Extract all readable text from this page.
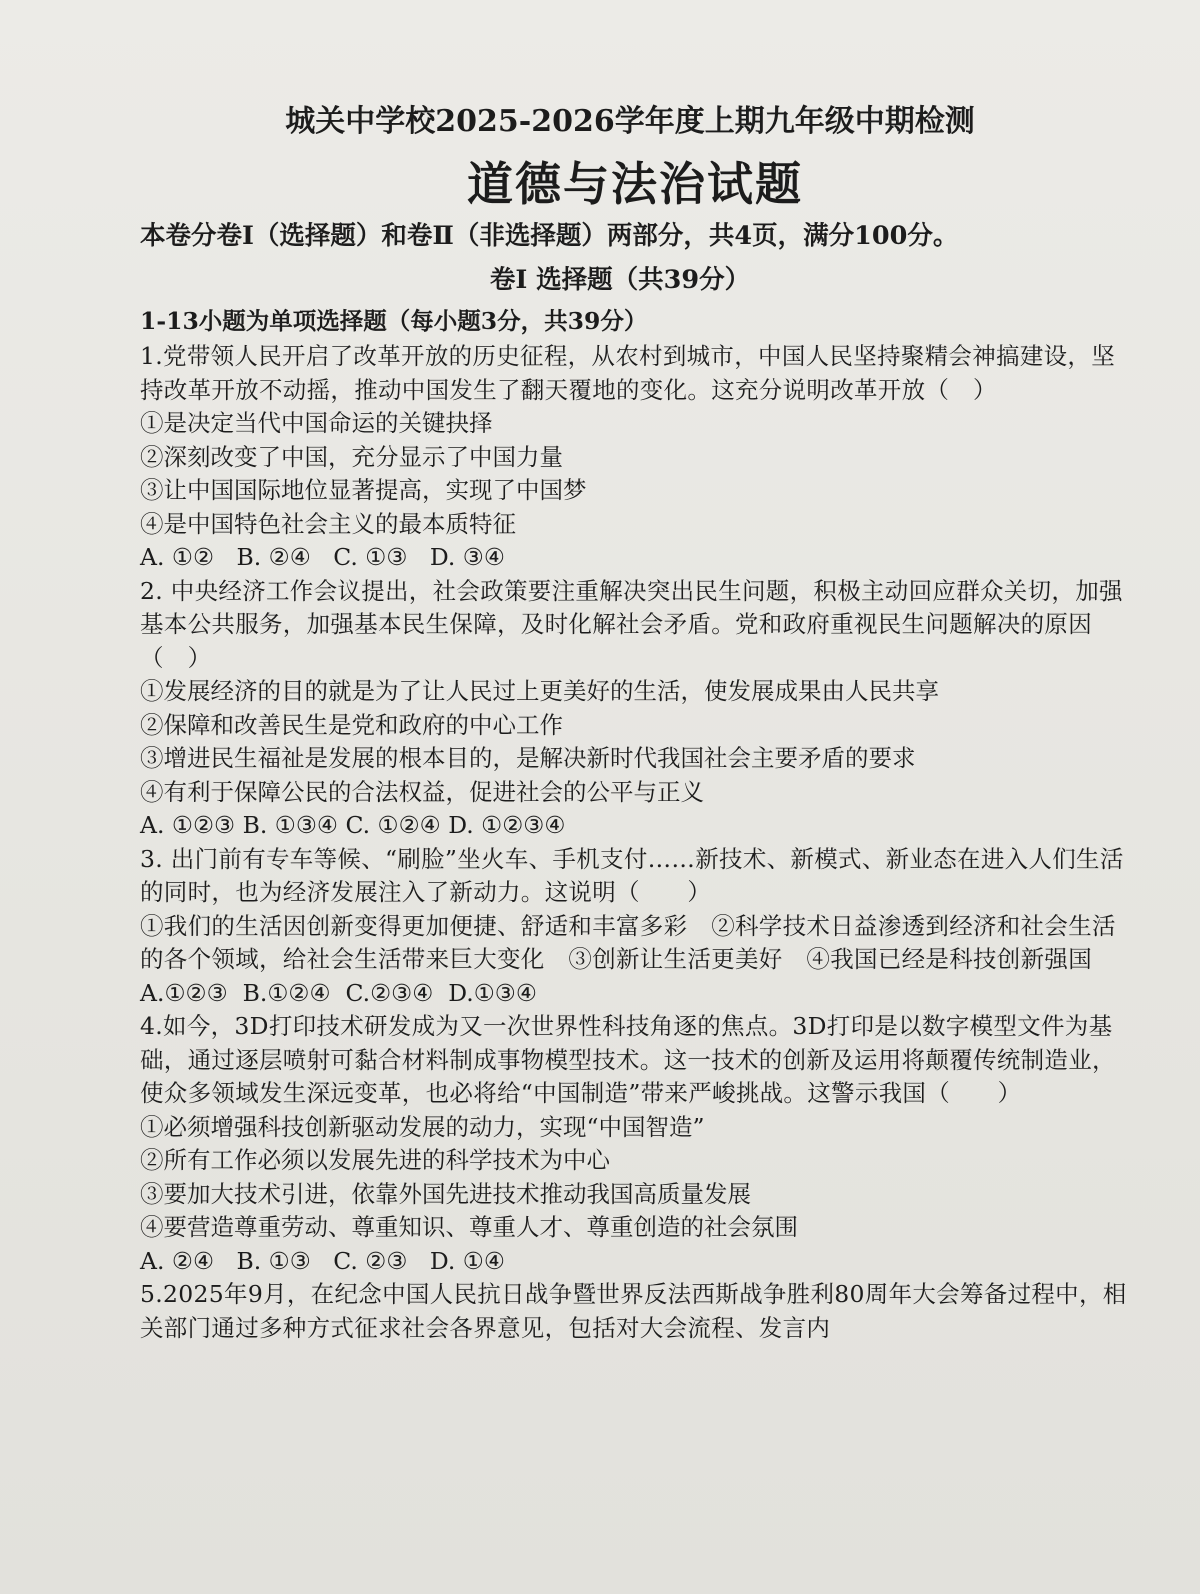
城关中学校2025-2026学年度上期九年级中期检测
道德与法治试题
本卷分卷Ⅰ（选择题）和卷Ⅱ（非选择题）两部分，共4页，满分100分。
卷Ⅰ 选择题（共39分）
1-13小题为单项选择题（每小题3分，共39分）

1.党带领人民开启了改革开放的历史征程，从农村到城市，中国人民坚持聚精会神搞建设，坚持改革开放不动摇，推动中国发生了翻天覆地的变化。这充分说明改革开放（　）

①是决定当代中国命运的关键抉择

②深刻改变了中国，充分显示了中国力量

③让中国国际地位显著提高，实现了中国梦

④是中国特色社会主义的最本质特征

A. ①②   B. ②④   C. ①③   D. ③④

2. 中央经济工作会议提出，社会政策要注重解决突出民生问题，积极主动回应群众关切，加强基本公共服务，加强基本民生保障，及时化解社会矛盾。党和政府重视民生问题解决的原因（　）

①发展经济的目的就是为了让人民过上更美好的生活，使发展成果由人民共享

②保障和改善民生是党和政府的中心工作

③增进民生福祉是发展的根本目的，是解决新时代我国社会主要矛盾的要求

④有利于保障公民的合法权益，促进社会的公平与正义

A. ①②③ B. ①③④ C. ①②④ D. ①②③④

3. 出门前有专车等候、“刷脸”坐火车、手机支付……新技术、新模式、新业态在进入人们生活的同时，也为经济发展注入了新动力。这说明（　　）

①我们的生活因创新变得更加便捷、舒适和丰富多彩　②科学技术日益渗透到经济和社会生活的各个领域，给社会生活带来巨大变化　③创新让生活更美好　④我国已经是科技创新强国

A.①②③  B.①②④  C.②③④  D.①③④

4.如今，3D打印技术研发成为又一次世界性科技角逐的焦点。3D打印是以数字模型文件为基础，通过逐层喷射可黏合材料制成事物模型技术。这一技术的创新及运用将颠覆传统制造业，使众多领域发生深远变革，也必将给“中国制造”带来严峻挑战。这警示我国（　　）

①必须增强科技创新驱动发展的动力，实现“中国智造”

②所有工作必须以发展先进的科学技术为中心

③要加大技术引进，依靠外国先进技术推动我国高质量发展

④要营造尊重劳动、尊重知识、尊重人才、尊重创造的社会氛围

A. ②④   B. ①③   C. ②③   D. ①④

5.2025年9月，在纪念中国人民抗日战争暨世界反法西斯战争胜利80周年大会筹备过程中，相关部门通过多种方式征求社会各界意见，包括对大会流程、发言内
